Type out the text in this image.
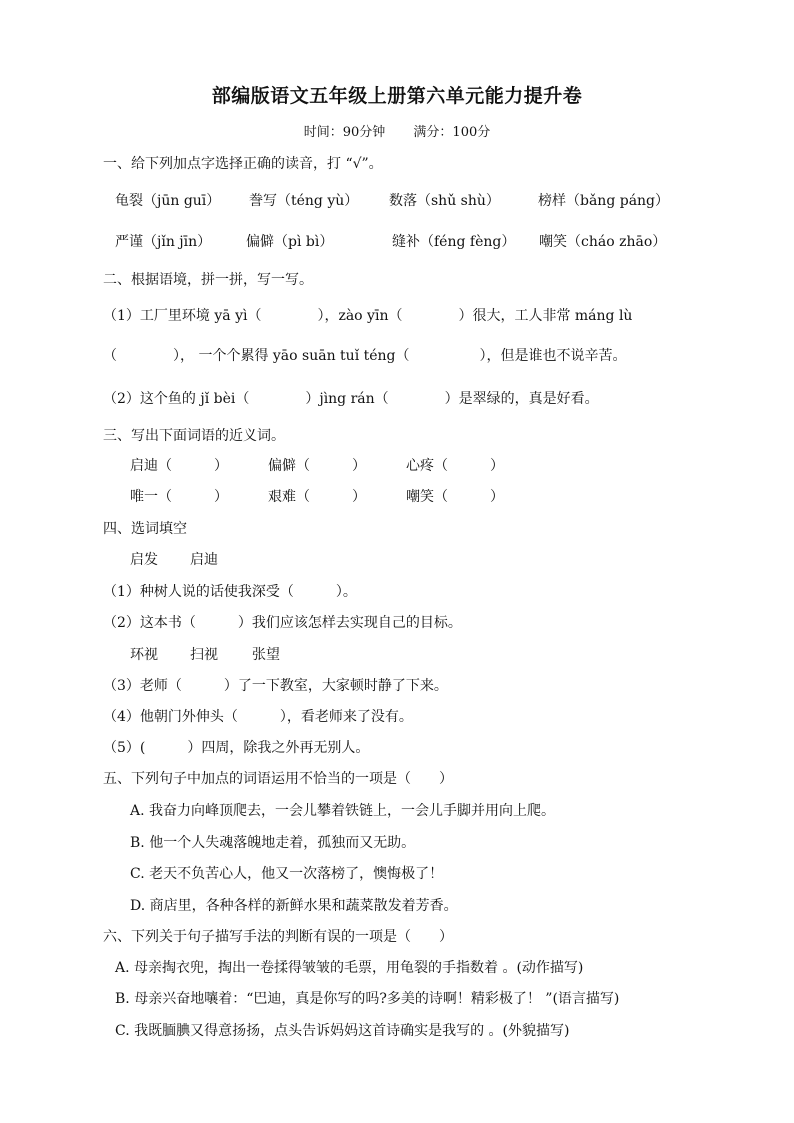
部编版语文五年级上册第六单元能力提升卷
时间：90分钟 满分：100分
一、给下列加点字选择正确的读音，打 “√”。
龟裂（jūn guī） 誊写（téng yù） 数落（shǔ shù）	榜样（bǎng páng）
严谨（jǐn jīn） 偏僻（pì bì）	缝补（féng fèng） 嘲笑（cháo zhāo）
二、根据语境，拼一拼，写一写。
（1）工厂里环境 yā yì（　　　　），zào yīn（　　　　）很大，工人非常 máng lù
（　　　　）， 一个个累得 yāo suān tuǐ téng（　　　　　），但是谁也不说辛苦。
（2）这个鱼的 jǐ bèi（　　　　）jìng rán（　　　　）是翠绿的，真是好看。
三、写出下面词语的近义词。
启迪（　　　）	偏僻（　　　）	心疼（　　　）
唯一（　　　）	艰难（　　　）	嘲笑（　　　）
四、选词填空
启发 启迪
（1）种树人说的话使我深受（　　　）。
（2）这本书（　　　）我们应该怎样去实现自己的目标。
环视 扫视 张望
（3）老师（　　　）了一下教室，大家顿时静了下来。
（4）他朝门外伸头（　　　），看老师来了没有。
（5）(　　　）四周，除我之外再无别人。
五、下列句子中加点的词语运用不恰当的一项是（　　）
A. 我奋力向峰顶爬去，一会儿攀着铁链上，一会儿手脚并用向上爬。
B. 他一个人失魂落魄地走着，孤独而又无助。
C. 老天不负苦心人，他又一次落榜了，懊悔极了！
D. 商店里，各种各样的新鲜水果和蔬菜散发着芳香。
六、下列关于句子描写手法的判断有误的一项是（　　）
A. 母亲掏衣兜，掏出一卷揉得皱皱的毛票，用龟裂的手指数着 。(动作描写)
B. 母亲兴奋地嚷着：“巴迪，真是你写的吗?多美的诗啊！精彩极了！ ”(语言描写)
C. 我既腼腆又得意扬扬，点头告诉妈妈这首诗确实是我写的 。(外貌描写)
